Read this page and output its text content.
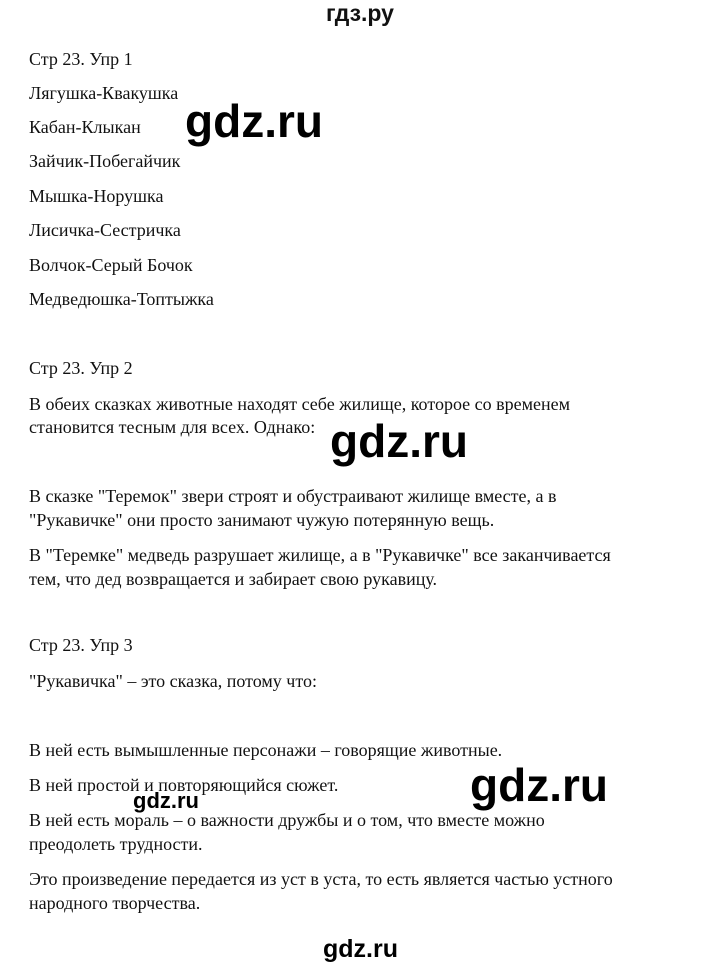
гдз.ру
Стр 23. Упр 1
Лягушка-Квакушка
Кабан-Клыкан
Зайчик-Побегайчик
Мышка-Норушка
Лисичка-Сестричка
Волчок-Серый Бочок
Медведюшка-Топтыжка
Стр 23. Упр 2
В обеих сказках животные находят себе жилище, которое со временем
становится тесным для всех. Однако:
В сказке "Теремок" звери строят и обустраивают жилище вместе, а в
"Рукавичке" они просто занимают чужую потерянную вещь.
В "Теремке" медведь разрушает жилище, а в "Рукавичке" все заканчивается
тем, что дед возвращается и забирает свою рукавицу.
Стр 23. Упр 3
"Рукавичка" – это сказка, потому что:
В ней есть вымышленные персонажи – говорящие животные.
В ней простой и повторяющийся сюжет.
В ней есть мораль – о важности дружбы и о том, что вместе можно
преодолеть трудности.
Это произведение передается из уст в уста, то есть является частью устного
народного творчества.
gdz.ru
gdz.ru
gdz.ru
gdz.ru
gdz.ru
